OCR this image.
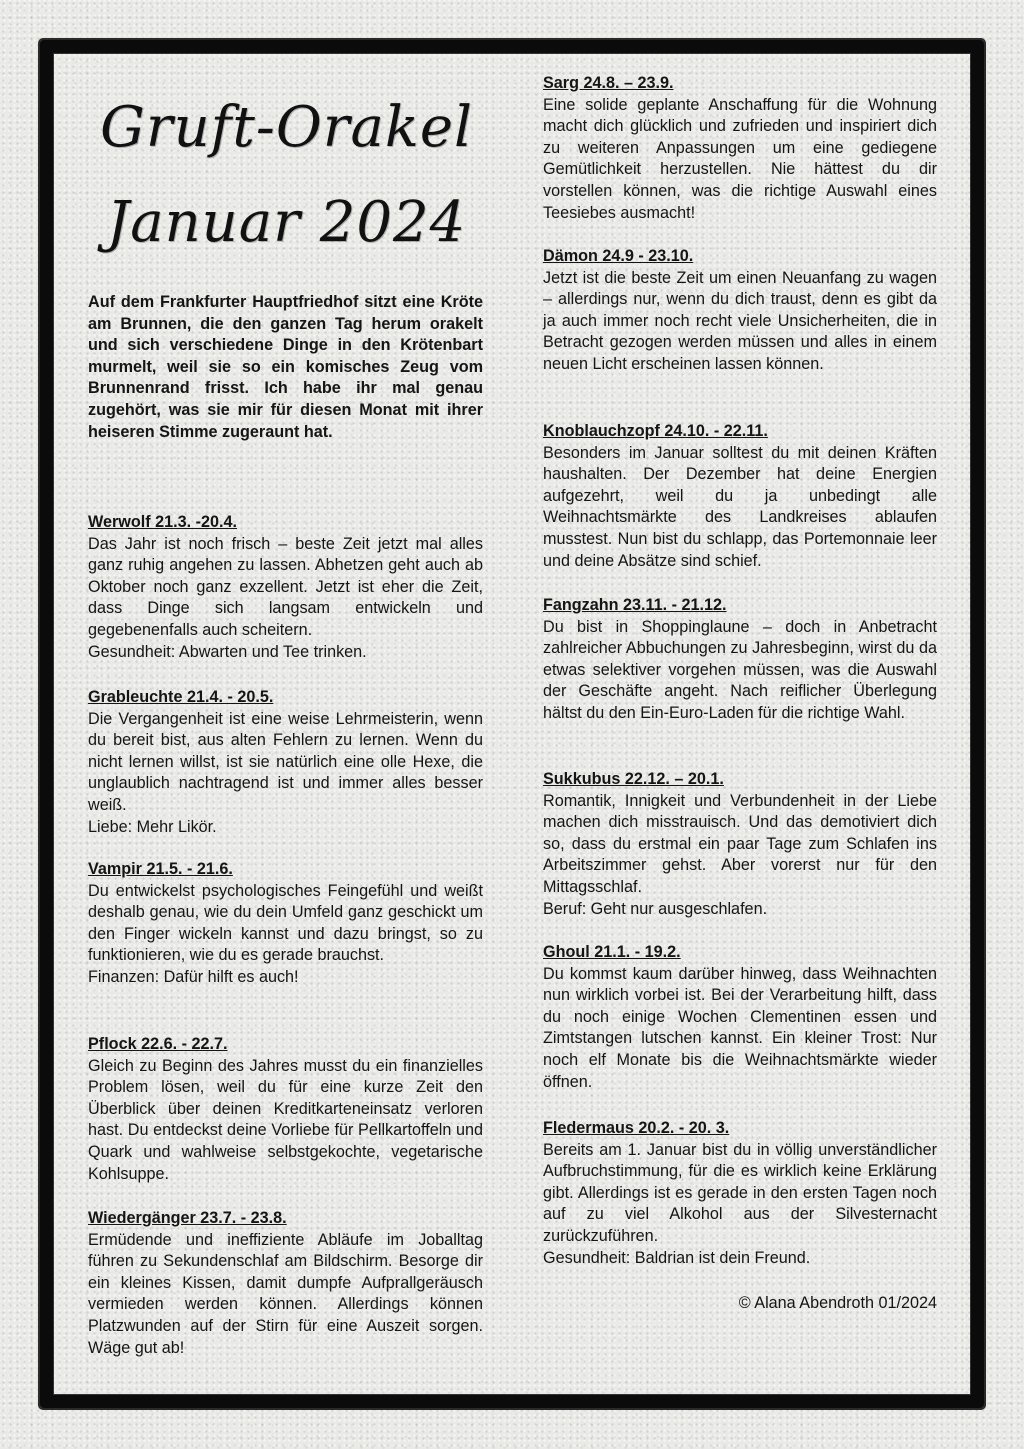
Gruft-Orakel
Januar 2024

Auf dem Frankfurter Hauptfriedhof sitzt eine Kröte am Brunnen, die den ganzen Tag herum orakelt und sich verschiedene Dinge in den Krötenbart murmelt, weil sie so ein komisches Zeug vom Brunnenrand frisst. Ich habe ihr mal genau zugehört, was sie mir für diesen Monat mit ihrer heiseren Stimme zugeraunt hat.

Werwolf 21.3. -20.4.

Das Jahr ist noch frisch – beste Zeit jetzt mal alles ganz ruhig angehen zu lassen. Abhetzen geht auch ab Oktober noch ganz exzellent. Jetzt ist eher die Zeit, dass Dinge sich langsam entwickeln und gegebenenfalls auch scheitern.

Gesundheit: Abwarten und Tee trinken.

Grableuchte 21.4. - 20.5.

Die Vergangenheit ist eine weise Lehrmeisterin, wenn du bereit bist, aus alten Fehlern zu lernen. Wenn du nicht lernen willst, ist sie natürlich eine olle Hexe, die unglaublich nachtragend ist und immer alles besser weiß.

Liebe: Mehr Likör.

Vampir 21.5. - 21.6.

Du entwickelst psychologisches Feingefühl und weißt deshalb genau, wie du dein Umfeld ganz geschickt um den Finger wickeln kannst und dazu bringst, so zu funktionieren, wie du es gerade brauchst.

Finanzen: Dafür hilft es auch!

Pflock 22.6. - 22.7.

Gleich zu Beginn des Jahres musst du ein finanzielles Problem lösen, weil du für eine kurze Zeit den Überblick über deinen Kreditkarteneinsatz verloren hast. Du entdeckst deine Vorliebe für Pellkartoffeln und Quark und wahlweise selbstgekochte, vegetarische Kohlsuppe.

Wiedergänger 23.7. - 23.8.

Ermüdende und ineffiziente Abläufe im Joballtag führen zu Sekundenschlaf am Bildschirm. Besorge dir ein kleines Kissen, damit dumpfe Aufprallgeräusch vermieden werden können. Allerdings können Platzwunden auf der Stirn für eine Auszeit sorgen. Wäge gut ab!

Sarg 24.8. – 23.9.

Eine solide geplante Anschaffung für die Wohnung macht dich glücklich und zufrieden und inspiriert dich zu weiteren Anpassungen um eine gediegene Gemütlichkeit herzustellen. Nie hättest du dir vorstellen können, was die richtige Auswahl eines Teesiebes ausmacht!

Dämon 24.9 - 23.10.

Jetzt ist die beste Zeit um einen Neuanfang zu wagen – allerdings nur, wenn du dich traust, denn es gibt da ja auch immer noch recht viele Unsicherheiten, die in Betracht gezogen werden müssen und alles in einem neuen Licht erscheinen lassen können.

Knoblauchzopf 24.10. - 22.11.

Besonders im Januar solltest du mit deinen Kräften haushalten. Der Dezember hat deine Energien aufgezehrt, weil du ja unbedingt alle Weihnachtsmärkte des Landkreises ablaufen musstest. Nun bist du schlapp, das Portemonnaie leer und deine Absätze sind schief.

Fangzahn 23.11. - 21.12.

Du bist in Shoppinglaune – doch in Anbetracht zahlreicher Abbuchungen zu Jahresbeginn, wirst du da etwas selektiver vorgehen müssen, was die Auswahl der Geschäfte angeht. Nach reiflicher Überlegung hältst du den Ein-Euro-Laden für die richtige Wahl.

Sukkubus 22.12. – 20.1.

Romantik, Innigkeit und Verbundenheit in der Liebe machen dich misstrauisch. Und das demotiviert dich so, dass du erstmal ein paar Tage zum Schlafen ins Arbeitszimmer gehst. Aber vorerst nur für den Mittagsschlaf.

Beruf: Geht nur ausgeschlafen.

Ghoul 21.1. - 19.2.

Du kommst kaum darüber hinweg, dass Weihnachten nun wirklich vorbei ist. Bei der Verarbeitung hilft, dass du noch einige Wochen Clementinen essen und Zimtstangen lutschen kannst. Ein kleiner Trost: Nur noch elf Monate bis die Weihnachtsmärkte wieder öffnen.

Fledermaus 20.2. - 20. 3.

Bereits am 1. Januar bist du in völlig unverständlicher Aufbruchstimmung, für die es wirklich keine Erklärung gibt. Allerdings ist es gerade in den ersten Tagen noch auf zu viel Alkohol aus der Silvesternacht zurückzuführen.

Gesundheit: Baldrian ist dein Freund.

© Alana Abendroth 01/2024
